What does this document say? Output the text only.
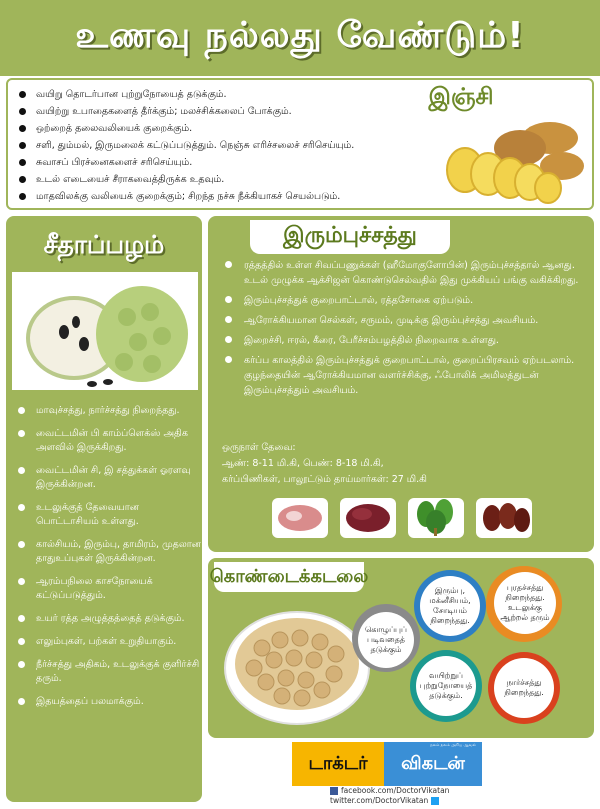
உணவு நல்லது வேண்டும்!
வயிறு தொடர்பான புற்றுநோயைத் தடுக்கும்.
வயிற்று உபாதைகளைத் தீர்க்கும்; மலச்சிக்கலைப் போக்கும்.
ஒற்றைத் தலைவலியைக் குறைக்கும்.
சளி, தும்மல், இருமலைக் கட்டுப்படுத்தும். நெஞ்சு எரிச்சலைச் சரிசெய்யும்.
சுவாசப் பிரச்னைகளைச் சரிசெய்யும்.
உடல் எடையைச் சீராகவைத்திருக்க உதவும்.
மாதவிலக்கு வலியைக் குறைக்கும்; சிறந்த நச்சு நீக்கியாகச் செயல்படும்.
இஞ்சி
சீதாப்பழம்
மாவுச்சத்து, நார்ச்சத்து நிறைந்தது.
வைட்டமின் பி காம்ப்ளெக்ஸ் அதிக அளவில் இருக்கிறது.
வைட்டமின் சி, இ சத்துக்கள் ஓரளவு இருக்கின்றன.
உடலுக்குத் தேவையான பொட்டாசியம் உள்ளது.
கால்சியம், இரும்பு, தாமிரம், முதலான தாதுஉப்புகள் இருக்கின்றன.
ஆரம்பநிலை காசநோயைக் கட்டுப்படுத்தும்.
உயர் ரத்த அழுத்தத்தைத் தடுக்கும்.
எலும்புகள், பற்கள் உறுதியாகும்.
நீர்ச்சத்து அதிகம், உடலுக்குக் குளிர்ச்சி தரும்.
இதயத்தைப் பலமாக்கும்.
இரும்புச்சத்து
ரத்தத்தில் உள்ள சிவப்பணுக்கள் (ஹீமோகுளோபின்) இரும்புச்சத்தால் ஆனது. உடல் முழுக்க ஆக்சிஜன் கொண்டுசெல்வதில் இது முக்கியப் பங்கு வகிக்கிறது.
இரும்புச்சத்துக் குறைபாட்டால், ரத்தசோகை ஏற்படும்.
ஆரோக்கியமான செல்கள், சருமம், முடிக்கு இரும்புச்சத்து அவசியம்.
இறைச்சி, ஈரல், கீரை, பேரீச்சம்பழத்தில் நிறைவாக உள்ளது.
கர்ப்ப காலத்தில் இரும்புச்சத்துக் குறைபாட்டால், குறைப்பிரசவம் ஏற்படலாம். குழந்தையின் ஆரோக்கியமான வளர்ச்சிக்கு, ஃபோலிக் அமிலத்துடன் இரும்புச்சத்தும் அவசியம்.
ஒருநாள் தேவை:
ஆண்: 8-11 மி.கி, பெண்: 8-18 மி.கி,
கர்ப்பிணிகள், பாலூட்டும் தாய்மார்கள்: 27 மி.கி
கொண்டைக்கடலை
கொழுப்புப் படிவதைத் தடுக்கும்
இரும்பு, மக்னீசியம், சோடியம் நிறைந்தது.
புரதச்சத்து நிறைந்தது. உடலுக்கு ஆற்றல் தரும்
வயிற்றுப் புற்றுநோயைத் தடுக்கும்.
நார்ச்சத்து நிறைந்தது.
டாக்டர்	விகடன்
நலம் நலம் அறிய ஆவல்
facebook.com/DoctorVikatan
twitter.com/DoctorVikatan
